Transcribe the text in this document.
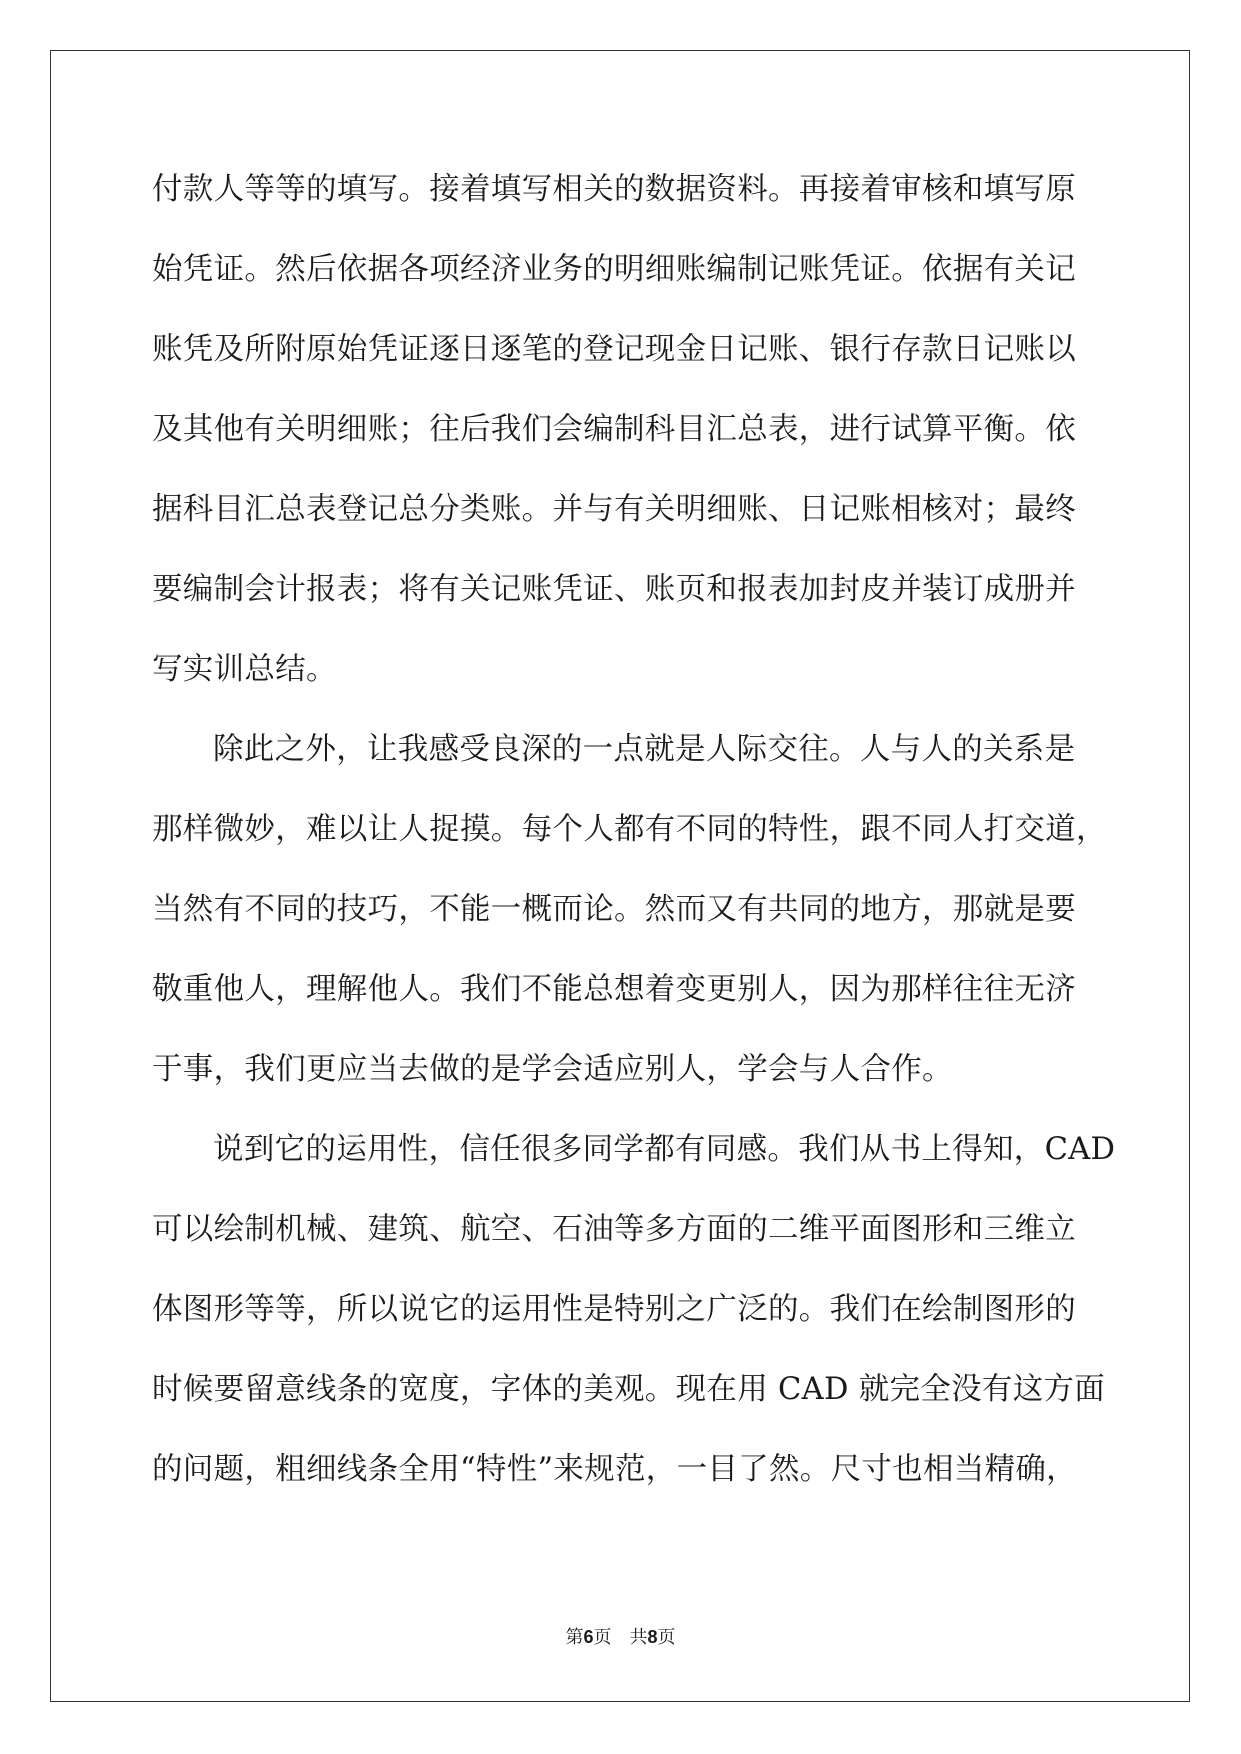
付款人等等的填写。接着填写相关的数据资料。再接着审核和填写原
始凭证。然后依据各项经济业务的明细账编制记账凭证。依据有关记
账凭及所附原始凭证逐日逐笔的登记现金日记账、银行存款日记账以
及其他有关明细账；往后我们会编制科目汇总表，进行试算平衡。依
据科目汇总表登记总分类账。并与有关明细账、日记账相核对；最终
要编制会计报表；将有关记账凭证、账页和报表加封皮并装订成册并
写实训总结。
除此之外，让我感受良深的一点就是人际交往。人与人的关系是
那样微妙，难以让人捉摸。每个人都有不同的特性，跟不同人打交道，
当然有不同的技巧，不能一概而论。然而又有共同的地方，那就是要
敬重他人，理解他人。我们不能总想着变更别人，因为那样往往无济
于事，我们更应当去做的是学会适应别人，学会与人合作。
说到它的运用性，信任很多同学都有同感。我们从书上得知，CAD
可以绘制机械、建筑、航空、石油等多方面的二维平面图形和三维立
体图形等等，所以说它的运用性是特别之广泛的。我们在绘制图形的
时候要留意线条的宽度，字体的美观。现在用 CAD 就完全没有这方面
的问题，粗细线条全用“特性”来规范，一目了然。尺寸也相当精确，
第6页 共8页
